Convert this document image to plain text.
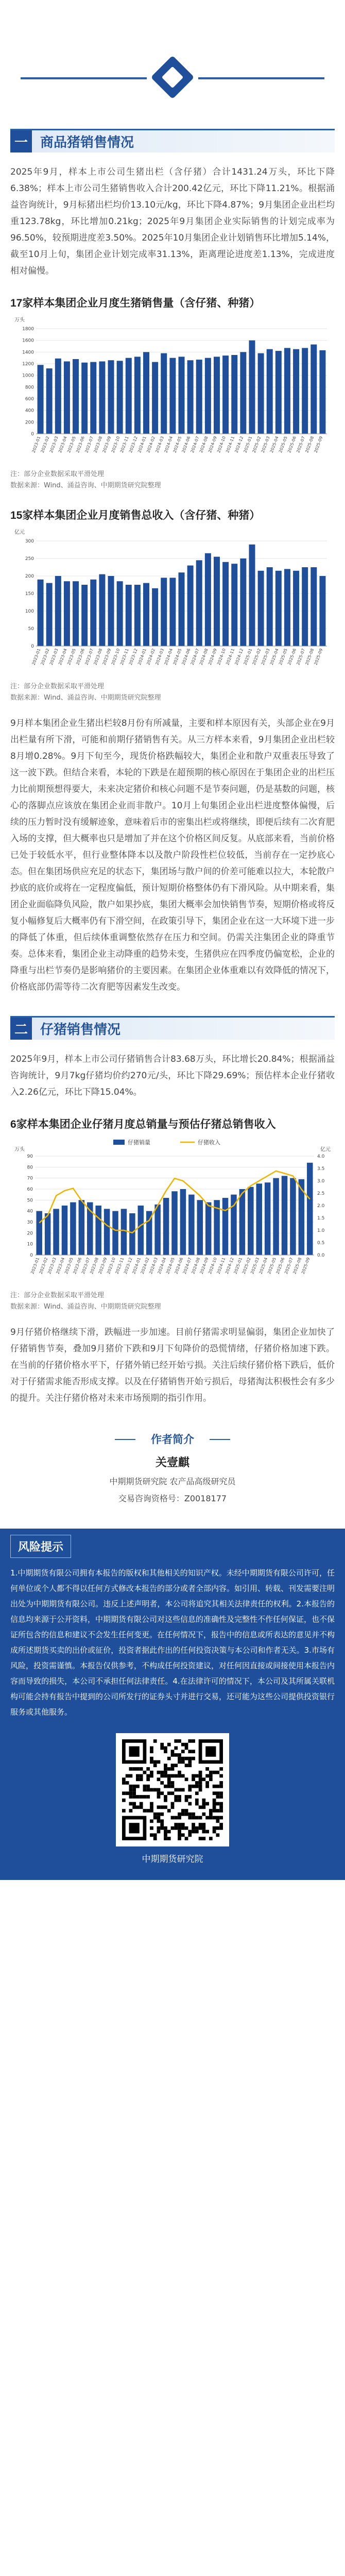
一 商品猪销售情况

2025年9月，样本上市公司生猪出栏（含仔猪）合计1431.24万头，环比下降6.38%；样本上市公司生猪销售收入合计200.42亿元，环比下降11.21%。根据涌益咨询统计，9月标猪出栏均价13.10元/kg，环比下降4.87%；9月集团企业出栏均重123.78kg，环比增加0.21kg；2025年9月集团企业实际销售的计划完成率为96.50%，较预期进度差3.50%。2025年10月集团企业计划销售环比增加5.14%，截至10月上旬，集团企业计划完成率31.13%，距离理论进度差1.13%，完成进度相对偏慢。

17家样本集团企业月度生猪销售量（含仔猪、种猪）
万头
0
200
400
600
800
1000
1200
1400
1600
1800
2023-01
2023-02
2023-03
2023-04
2023-05
2023-06
2023-07
2023-08
2023-09
2023-10
2023-11
2023-12
2024-01
2024-02
2024-03
2024-04
2024-05
2024-06
2024-07
2024-08
2024-09
2024-10
2024-11
2024-12
2025-01
2025-02
2025-03
2025-04
2025-05
2025-06
2025-07
2025-08
2025-09
注：部分企业数据采取平滑处理
数据来源：Wind、涌益咨询、中期期货研究院整理
15家样本集团企业月度销售总收入（含仔猪、种猪）
亿元
0
50
100
150
200
250
300
2023-01
2023-02
2023-03
2023-04
2023-05
2023-06
2023-07
2023-08
2023-09
2023-10
2023-11
2023-12
2024-01
2024-02
2024-03
2024-04
2024-05
2024-06
2024-07
2024-08
2024-09
2024-10
2024-11
2024-12
2025-01
2025-02
2025-03
2025-04
2025-05
2025-06
2025-07
2025-08
2025-09
注：部分企业数据采取平滑处理
数据来源：Wind、涌益咨询、中期期货研究院整理

9月样本集团企业生猪出栏较8月份有所减量，主要和样本原因有关，头部企业在9月出栏量有所下滑，可能和前期仔猪销售有关。从三方样本来看，9月集团企业出栏较8月增0.28%。9月下旬至今，现货价格跌幅较大，集团企业和散户双重表压导致了这一波下跌。但结合来看，本轮的下跌是在超预期的核心原因在于集团企业的出栏压力比前期预想得要大，未来决定猪价和核心问题不是节奏问题，仍是基数的问题，核心的落脚点应该放在集团企业而非散户。10月上旬集团企业出栏进度整体偏慢，后续的压力暂时没有缓解迹象，意味着后市的密集出栏或将继续，即便后续有二次育肥入场的支撑，但大概率也只是增加了并在这个价格区间反复。从底部来看，当前价格已处于较低水平，但行业整体降本以及散户阶段性栏位较低，当前存在一定抄底心态。但在集团场供应充足的状态下，集团场与散户间的价差可能难以拉大，本轮散户抄底的底价或将在一定程度偏低，预计短期价格整体仍有下滑风险。从中期来看，集团企业面临降负风险，散户如果抄底，集团大概率会加快销售节奏，短期价格或将反复小幅修复后大概率仍有下滑空间，在政策引导下，集团企业在这一大环境下进一步的降低了体重，但后续体重调整依然存在压力和空间。仍需关注集团企业的降重节奏。总体来看，集团企业主动降重的趋势未变，生猪供应在四季度仍偏宽松，企业的降重与出栏节奏仍是影响猪价的主要因素。在集团企业体重难以有效降低的情况下，价格底部仍需等待二次育肥等因素发生改变。

二 仔猪销售情况

2025年9月，样本上市公司仔猪销售合计83.68万头，环比增长20.84%；根据涌益咨询统计，9月7kg仔猪均价约270元/头，环比下降29.69%；预估样本企业仔猪收入2.26亿元，环比下降15.04%。

6家样本集团企业仔猪月度总销量与预估仔猪总销售收入
万头	亿元
仔猪销量	仔猪收入
0
10
20
30
40
50
60
70
80
90
0.0
0.5
1.0
1.5
2.0
2.5
3.0
3.5
4.0
2023-01
2023-02
2023-03
2023-04
2023-05
2023-06
2023-07
2023-08
2023-09
2023-10
2023-11
2023-12
2024-01
2024-02
2024-03
2024-04
2024-05
2024-06
2024-07
2024-08
2024-09
2024-10
2024-11
2024-12
2025-01
2025-02
2025-03
2025-04
2025-05
2025-06
2025-07
2025-08
2025-09
注：部分企业数据采取平滑处理
数据来源：Wind、涌益咨询、中期期货研究院整理

9月仔猪价格继续下滑，跌幅进一步加速。目前仔猪需求明显偏弱，集团企业加快了仔猪销售节奏，叠加9月猪价下跌和9月下旬降价的恐慌情绪，仔猪价格加速下跌。在当前的仔猪价格水平下，仔猪外销已经开始亏损。关注后续仔猪价格下跌后，低价对于仔猪需求能否形成支撑。以及在仔猪销售开始亏损后，母猪淘汰积极性会有多少的提升。关注仔猪价格对未来市场预期的指引作用。

作者简介
关壹麒
中期期货研究院 农产品高级研究员
交易咨询资格号：Z0018177
风险提示

1.中期期货有限公司拥有本报告的版权和其他相关的知识产权。未经中期期货有限公司许可，任何单位或个人都不得以任何方式修改本报告的部分或者全部内容。如引用、转载、刊发需要注明出处为中期期货有限公司。违反上述声明者，本公司将追究其相关法律责任的权利。2.本报告的信息均来源于公开资料，中期期货有限公司对这些信息的准确性及完整性不作任何保证，也不保证所包含的信息和建议不会发生任何变更。在任何情况下，报告中的信息或所表达的意见并不构成所述期货买卖的出价或征价，投资者据此作出的任何投资决策与本公司和作者无关。3.市场有风险，投资需谨慎。本报告仅供参考，不构成任何投资建议，对任何因直接或间接使用本报告内容而导致的损失，本公司不承担任何法律责任。4.在法律许可的情况下，本公司及其所属关联机构可能会持有报告中提到的公司所发行的证券头寸并进行交易，还可能为这些公司提供投资银行服务或其他服务。

中期期货研究院
